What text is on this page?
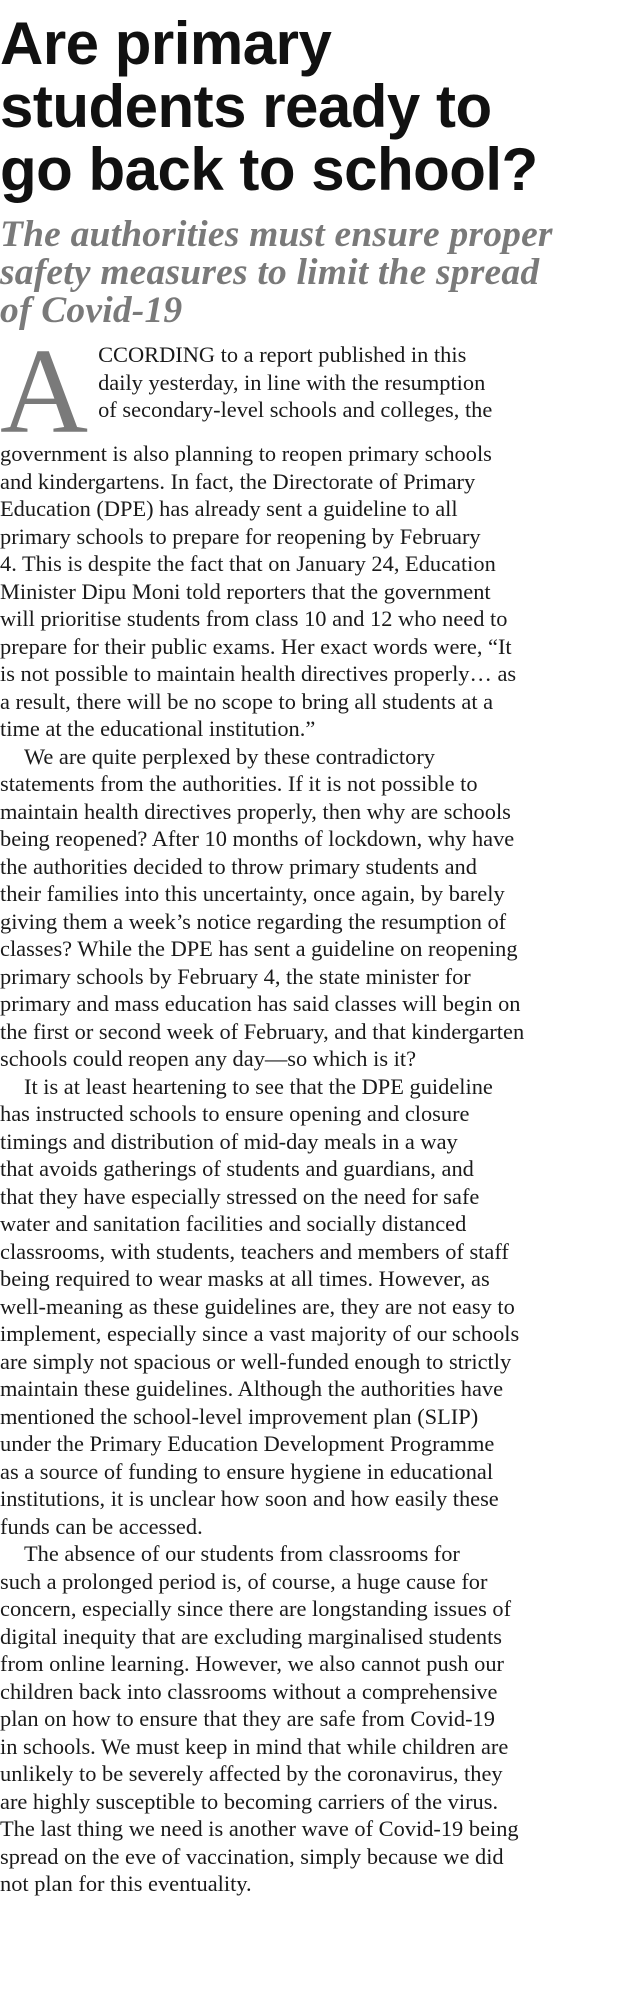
Are primary
students ready to
go back to school?
The authorities must ensure proper
safety measures to limit the spread
of Covid-19

A CCORDING to a report published in this
daily yesterday, in line with the resumption
of secondary-level schools and colleges, the
government is also planning to reopen primary schools
and kindergartens. In fact, the Directorate of Primary
Education (DPE) has already sent a guideline to all
primary schools to prepare for reopening by February
4. This is despite the fact that on January 24, Education
Minister Dipu Moni told reporters that the government
will prioritise students from class 10 and 12 who need to
prepare for their public exams. Her exact words were, “It
is not possible to maintain health directives properly… as
a result, there will be no scope to bring all students at a
time at the educational institution.”

We are quite perplexed by these contradictory
statements from the authorities. If it is not possible to
maintain health directives properly, then why are schools
being reopened? After 10 months of lockdown, why have
the authorities decided to throw primary students and
their families into this uncertainty, once again, by barely
giving them a week’s notice regarding the resumption of
classes? While the DPE has sent a guideline on reopening
primary schools by February 4, the state minister for
primary and mass education has said classes will begin on
the first or second week of February, and that kindergarten
schools could reopen any day—so which is it?

It is at least heartening to see that the DPE guideline
has instructed schools to ensure opening and closure
timings and distribution of mid-day meals in a way
that avoids gatherings of students and guardians, and
that they have especially stressed on the need for safe
water and sanitation facilities and socially distanced
classrooms, with students, teachers and members of staff
being required to wear masks at all times. However, as
well-meaning as these guidelines are, they are not easy to
implement, especially since a vast majority of our schools
are simply not spacious or well-funded enough to strictly
maintain these guidelines. Although the authorities have
mentioned the school-level improvement plan (SLIP)
under the Primary Education Development Programme
as a source of funding to ensure hygiene in educational
institutions, it is unclear how soon and how easily these
funds can be accessed.

The absence of our students from classrooms for
such a prolonged period is, of course, a huge cause for
concern, especially since there are longstanding issues of
digital inequity that are excluding marginalised students
from online learning. However, we also cannot push our
children back into classrooms without a comprehensive
plan on how to ensure that they are safe from Covid-19
in schools. We must keep in mind that while children are
unlikely to be severely affected by the coronavirus, they
are highly susceptible to becoming carriers of the virus.
The last thing we need is another wave of Covid-19 being
spread on the eve of vaccination, simply because we did
not plan for this eventuality.
